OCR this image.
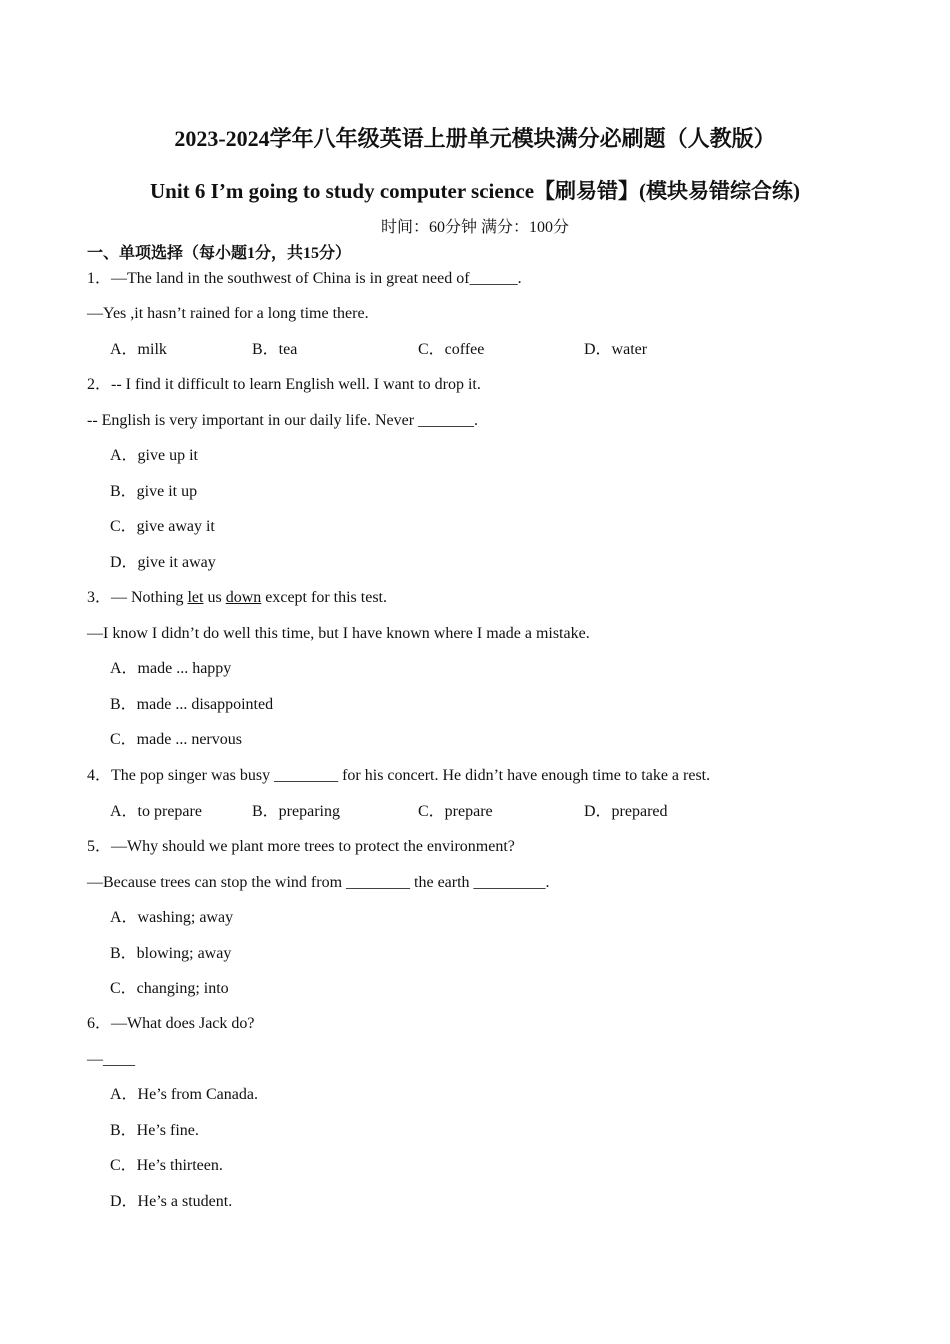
2023-2024学年八年级英语上册单元模块满分必刷题（人教版）
Unit 6 I’m going to study computer science【刷易错】(模块易错综合练)
时间：60分钟 满分：100分
一、单项选择（每小题1分，共15分）
1．—The land in the southwest of China is in great need of______.
—Yes ,it hasn’t rained for a long time there.
A．milk	B．tea	C．coffee	D．water
2．-- I find it difficult to learn English well. I want to drop it.
-- English is very important in our daily life. Never _______.
A．give up it
B．give it up
C．give away it
D．give it away
3．— Nothing let us down except for this test.
—I know I didn’t do well this time, but I have known where I made a mistake.
A．made ... happy
B．made ... disappointed
C．made ... nervous
4．The pop singer was busy ________ for his concert. He didn’t have enough time to take a rest.
A．to prepare	B．preparing	C．prepare	D．prepared
5．—Why should we plant more trees to protect the environment?
—Because trees can stop the wind from ________ the earth _________.
A．washing; away
B．blowing; away
C．changing; into
6．—What does Jack do?
—____
A．He’s from Canada.
B．He’s fine.
C．He’s thirteen.
D．He’s a student.
